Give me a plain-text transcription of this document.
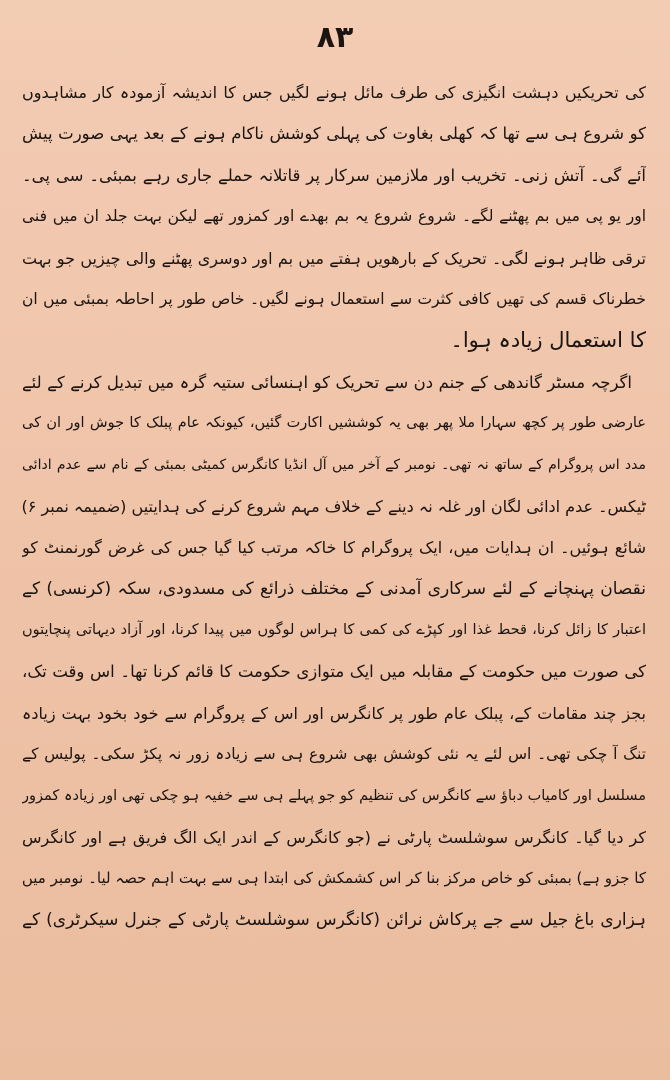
۸۳
کی تحریکیں دہشت انگیزی کی طرف مائل ہونے لگیں جس کا اندیشہ آزمودہ کار مشاہدوں
کو شروع ہی سے تھا کہ کھلی بغاوت کی پہلی کوشش ناکام ہونے کے بعد یہی صورت پیش
آئے گی۔ آتش زنی۔ تخریب اور ملازمین سرکار پر قاتلانہ حملے جاری رہے بمبئی۔ سی پی۔
اور یو پی میں بم پھٹنے لگے۔ شروع شروع یہ بم بھدے اور کمزور تھے لیکن بہت جلد ان میں فنی
ترقی ظاہر ہونے لگی۔ تحریک کے بارھویں ہفتے میں بم اور دوسری پھٹنے والی چیزیں جو بہت
خطرناک قسم کی تھیں کافی کثرت سے استعمال ہونے لگیں۔ خاص طور پر احاطہ بمبئی میں ان
کا استعمال زیادہ ہوا۔
اگرچہ مسٹر گاندھی کے جنم دن سے تحریک کو اہنسائی ستیہ گرہ میں تبدیل کرنے کے لئے
عارضی طور پر کچھ سہارا ملا پھر بھی یہ کوششیں اکارت گئیں، کیونکہ عام پبلک کا جوش اور ان کی
مدد اس پروگرام کے ساتھ نہ تھی۔ نومبر کے آخر میں آل انڈیا کانگرس کمیٹی بمبئی کے نام سے عدم ادائی
ٹیکس۔ عدم ادائی لگان اور غلہ نہ دینے کے خلاف مہم شروع کرنے کی ہدایتیں (ضمیمہ نمبر ۶)
شائع ہوئیں۔ ان ہدایات میں، ایک پروگرام کا خاکہ مرتب کیا گیا جس کی غرض گورنمنٹ کو
نقصان پہنچانے کے لئے سرکاری آمدنی کے مختلف ذرائع کی مسدودی، سکہ (کرنسی) کے
اعتبار کا زائل کرنا، قحط غذا اور کپڑے کی کمی کا ہراس لوگوں میں پیدا کرنا، اور آزاد دیہاتی پنچایتوں
کی صورت میں حکومت کے مقابلہ میں ایک متوازی حکومت کا قائم کرنا تھا۔ اس وقت تک،
بجز چند مقامات کے، پبلک عام طور پر کانگرس اور اس کے پروگرام سے خود بخود بہت زیادہ
تنگ آ چکی تھی۔ اس لئے یہ نئی کوشش بھی شروع ہی سے زیادہ زور نہ پکڑ سکی۔ پولیس کے
مسلسل اور کامیاب دباؤ سے کانگرس کی تنظیم کو جو پہلے ہی سے خفیہ ہو چکی تھی اور زیادہ کمزور
کر دیا گیا۔ کانگرس سوشلسٹ پارٹی نے (جو کانگرس کے اندر ایک الگ فریق ہے اور کانگرس
کا جزو ہے) بمبئی کو خاص مرکز بنا کر اس کشمکش کی ابتدا ہی سے بہت اہم حصہ لیا۔ نومبر میں
ہزاری باغ جیل سے جے پرکاش نرائن (کانگرس سوشلسٹ پارٹی کے جنرل سیکرٹری) کے
